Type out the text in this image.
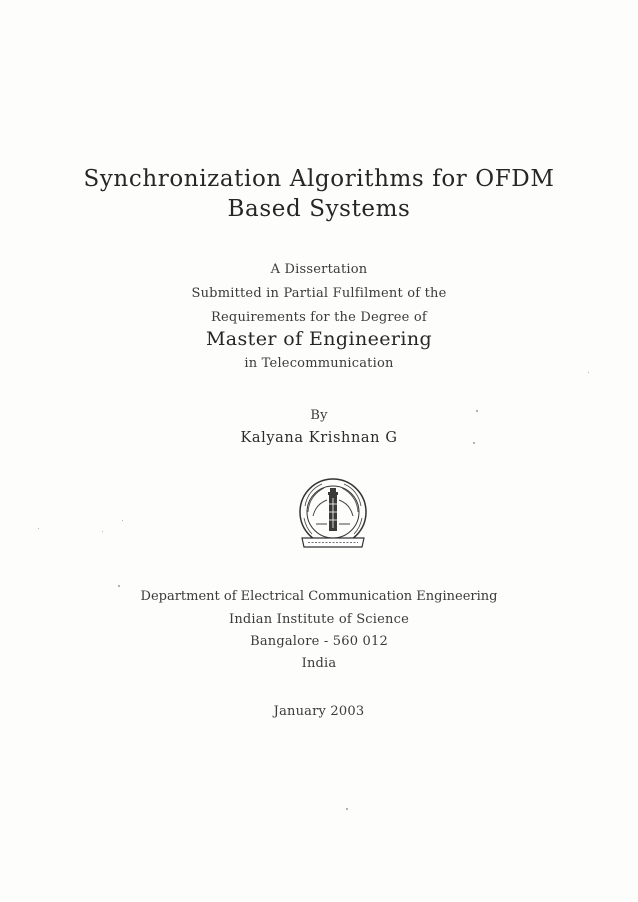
Synchronization Algorithms for OFDM
Based Systems

A Dissertation

Submitted in Partial Fulfilment of the

Requirements for the Degree of

Master of Engineering

in Telecommunication

By

Kalyana Krishnan G

Department of Electrical Communication Engineering

Indian Institute of Science

Bangalore - 560 012

India

January 2003
